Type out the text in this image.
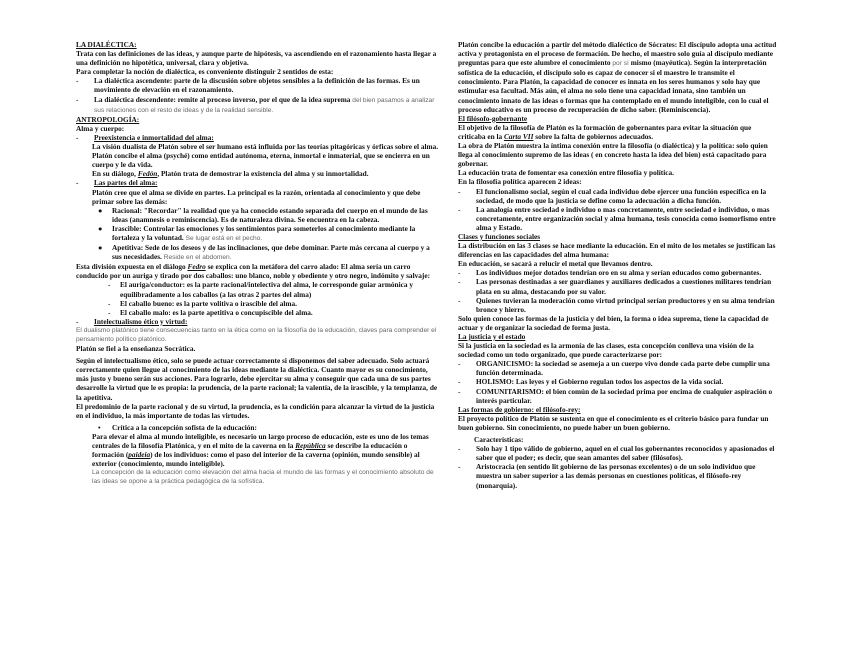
LA DIALÉCTICA:

Trata con las definiciones de las ideas, y aunque parte de hipótesis, va ascendiendo en el razonamiento hasta llegar a una definición no hipotética, universal, clara y objetiva.

Para completar la noción de dialéctica, es conveniente distinguir 2 sentidos de esta:

-	La dialéctica ascendente: parte de la discusión sobre objetos sensibles a la definición de las formas. Es un movimiento de elevación en el razonamiento.
-	La dialéctica descendente: remite al proceso inverso, por el que de la idea suprema del bien pasamos a analizar sus relaciones con el resto de ideas y de la realidad sensible.
ANTROPOLOGÍA:

Alma y cuerpo:

-	Preexistencia e inmortalidad del alma:

La visión dualista de Platón sobre el ser humano está influida por las teorías pitagóricas y órficas sobre el alma.

Platón concibe el alma (psyché) como entidad autónoma, eterna, inmortal e inmaterial, que se encierra en un cuerpo y le da vida.

En su diálogo, Fedón, Platón trata de demostrar la existencia del alma y su inmortalidad.

-	Las partes del alma:

Platón cree que el alma se divide en partes. La principal es la razón, orientada al conocimiento y que debe primar sobre las demás:

●	Racional: "Recordar" la realidad que ya ha conocido estando separada del cuerpo en el mundo de las ideas (anamnesis o reminiscencia). Es de naturaleza divina. Se encuentra en la cabeza.
●	Irascible: Controlar las emociones y los sentimientos para someterlos al conocimiento mediante la fortaleza y la voluntad. Se lugar está en el pecho.
●	Apetitiva: Sede de los deseos y de las inclinaciones, que debe dominar. Parte más cercana al cuerpo y a sus necesidades. Reside en el abdomen.

Esta división expuesta en el diálogo Fedro se explica con la metáfora del carro alado: El alma sería un carro conducido por un auriga y tirado por dos caballos: uno blanco, noble y obediente y otro negro, indómito y salvaje:

-	El auriga/conductor: es la parte racional/intelectiva del alma, le corresponde guiar armónica y equilibradamente a los caballos (a las otras 2 partes del alma)
-	El caballo bueno: es la parte volitiva o irascible del alma.
-	El caballo malo: es la parte apetitiva o concupiscible del alma.
-	Intelectualismo ético y virtud:

El dualismo platónico tiene consecuencias tanto en la ética como en la filosofía de la educación, claves para comprender el pensamiento político platónico.

Platón se fiel a la enseñanza Socrática.

Según el intelectualismo ético, solo se puede actuar correctamente si disponemos del saber adecuado. Solo actuará correctamente quien llegue al conocimiento de las ideas mediante la dialéctica. Cuanto mayor es su conocimiento, más justo y bueno serán sus acciones. Para lograrlo, debe ejercitar su alma y conseguir que cada una de sus partes desarrolle la virtud que le es propia: la prudencia, de la parte racional; la valentía, de la irascible, y la templanza, de la apetitiva.

El predominio de la parte racional y de su virtud, la prudencia, es la condición para alcanzar la virtud de la justicia en el individuo, la más importante de todas las virtudes.

•	Crítica a la concepción sofista de la educación:

Para elevar el alma al mundo inteligible, es necesario un largo proceso de educación, este es uno de los temas centrales de la filosofía Platónica, y en el mito de la caverna en la República se describe la educación o formación (paideia) de los individuos: como el paso del interior de la caverna (opinión, mundo sensible) al exterior (conocimiento, mundo inteligible).

La concepción de la educación como elevación del alma hacia el mundo de las formas y el conocimiento absoluto de las ideas se opone a la práctica pedagógica de la sofística.

Platón concibe la educación a partir del método dialéctico de Sócrates: El discípulo adopta una actitud activa y protagonista en el proceso de formación. De hecho, el maestro solo guía al discípulo mediante preguntas para que este alumbre el conocimiento por sí mismo (mayéutica). Según la interpretación sofística de la educación, el discípulo solo es capaz de conocer si el maestro le transmite el conocimiento. Para Platón, la capacidad de conocer es innata en los seres humanos y solo hay que estimular esa facultad. Más aún, el alma no solo tiene una capacidad innata, sino también un conocimiento innato de las ideas o formas que ha contemplado en el mundo inteligible, con lo cual el proceso educativo es un proceso de recuperación de dicho saber. (Reminiscencia).

El filósofo-gobernante

El objetivo de la filosofía de Platón es la formación de gobernantes para evitar la situación que criticaba en la Carta VII sobre la falta de gobiernos adecuados.

La obra de Platón muestra la íntima conexión entre la filosofía (o dialéctica) y la política: solo quien llega al conocimiento supremo de las ideas ( en concreto hasta la idea del bien) está capacitado para gobernar.

La educación trata de fomentar esa conexión entre filosofía y política.

En la filosofía política aparecen 2 ideas:

-	El funcionalismo social, según el cual cada individuo debe ejercer una función específica en la sociedad, de modo que la justicia se define como la adecuación a dicha función.
-	La analogía entre sociedad e individuo o mas concretamente, entre sociedad e individuo, o mas concretamente, entre organización social y alma humana, tesis conocida como isomorfismo entre alma y Estado.
Clases y funciones sociales

La distribución en las 3 clases se hace mediante la educación. En el mito de los metales se justifican las diferencias en las capacidades del alma humana:

En educación, se sacará a relucir el metal que llevamos dentro.

-	Los individuos mejor dotados tendrían oro en su alma y serían educados como gobernantes.
-	Las personas destinadas a ser guardianes y auxiliares dedicados a cuestiones militares tendrían plata en su alma, destacando por su valor.
-	Quienes tuvieran la moderación como virtud principal serían productores y en su alma tendrían bronce y hierro.

Solo quien conoce las formas de la justicia y del bien, la forma o idea suprema, tiene la capacidad de actuar y de organizar la sociedad de forma justa.

La justicia y el estado

Si la justicia en la sociedad es la armonía de las clases, esta concepción conlleva una visión de la sociedad como un todo organizado, que puede caracterizarse por:

-	ORGANICISMO: la sociedad se asemeja a un cuerpo vivo donde cada parte debe cumplir una función determinada.
-	HOLISMO: Las leyes y el Gobierno regulan todos los aspectos de la vida social.
-	COMUNITARISMO: el bien común de la sociedad prima por encima de cualquier aspiración o interés particular.
Las formas de gobierno: el filósofo-rey:

El proyecto político de Platón se sustenta en que el conocimiento es el criterio básico para fundar un buen gobierno. Sin conocimiento, no puede haber un buen gobierno.

Características:

-	Solo hay 1 tipo válido de gobierno, aquel en el cual los gobernantes reconocidos y apasionados el saber que el poder; es decir, que sean amantes del saber (filósofos).
-	Aristocracia (en sentido lit gobierno de las personas excelentes) o de un solo individuo que muestra un saber superior a las demás personas en cuestiones políticas, el filósofo-rey (monarquía).
